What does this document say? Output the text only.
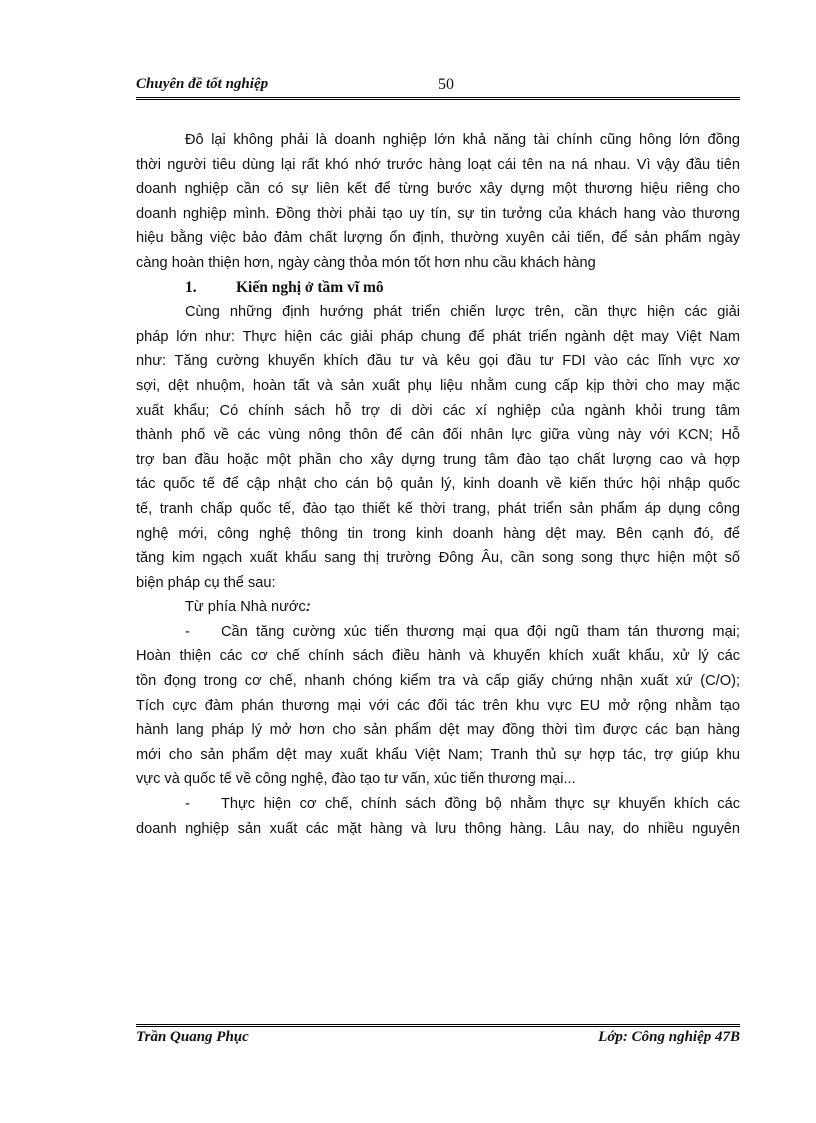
Chuyên đề tốt nghiệp	50
Đô lại không phải là doanh nghiệp lớn khả năng tài chính cũng hông lớn đồng
thời người tiêu dùng lại rất khó nhớ trước hàng loạt cái tên na ná nhau. Vì vậy đầu tiên
doanh nghiệp cần có sự liên kết để từng bước xây dựng một thương hiệu riêng cho
doanh nghiệp mình. Đồng thời phải tạo uy tín, sự tin tưởng của khách hang vào thương
hiệu bằng việc bảo đảm chất lượng ổn định, thường xuyên cải tiến, để sản phẩm ngày
càng hoàn thiện hơn, ngày càng thỏa món tốt hơn nhu cầu khách hàng
1.	Kiến nghị ở tầm vĩ mô
Cùng những định hướng phát triển chiến lược trên, cần thực hiện các giải
pháp lớn như: Thực hiện các giải pháp chung để phát triển ngành dệt may Việt Nam
như: Tăng cường khuyến khích đầu tư và kêu gọi đầu tư FDI vào các lĩnh vực xơ
sợi, dệt nhuộm, hoàn tất và sản xuất phụ liệu nhằm cung cấp kịp thời cho may mặc
xuất khẩu; Có chính sách hỗ trợ di dời các xí nghiệp của ngành khỏi trung tâm
thành phố về các vùng nông thôn để cân đối nhân lực giữa vùng này với KCN; Hỗ
trợ ban đầu hoặc một phần cho xây dựng trung tâm đào tạo chất lượng cao và hợp
tác quốc tế để cập nhật cho cán bộ quản lý, kinh doanh về kiến thức hội nhập quốc
tế, tranh chấp quốc tế, đào tạo thiết kế thời trang, phát triển sản phẩm áp dụng công
nghệ mới, công nghệ thông tin trong kinh doanh hàng dệt may. Bên cạnh đó, để
tăng kim ngạch xuất khẩu sang thị trường Đông Âu, cần song song thực hiện một số
biện pháp cụ thể sau:
Từ phía Nhà nước:
- Cần tăng cường xúc tiến thương mại qua đội ngũ tham tán thương mại;
Hoàn thiện các cơ chế chính sách điều hành và khuyến khích xuất khẩu, xử lý các
tồn đọng trong cơ chế, nhanh chóng kiểm tra và cấp giấy chứng nhận xuất xứ (C/O);
Tích cực đàm phán thương mại với các đối tác trên khu vực EU mở rộng nhằm tạo
hành lang pháp lý mở hơn cho sản phẩm dệt may đồng thời tìm được các bạn hàng
mới cho sản phẩm dệt may xuất khẩu Việt Nam; Tranh thủ sự hợp tác, trợ giúp khu
vực và quốc tế về công nghệ, đào tạo tư vấn, xúc tiến thương mại...
- Thực hiện cơ chế, chính sách đồng bộ nhằm thực sự khuyến khích các
doanh nghiệp sản xuất các mặt hàng và lưu thông hàng. Lâu nay, do nhiều nguyên
Trần Quang Phục	Lớp: Công nghiệp 47B
